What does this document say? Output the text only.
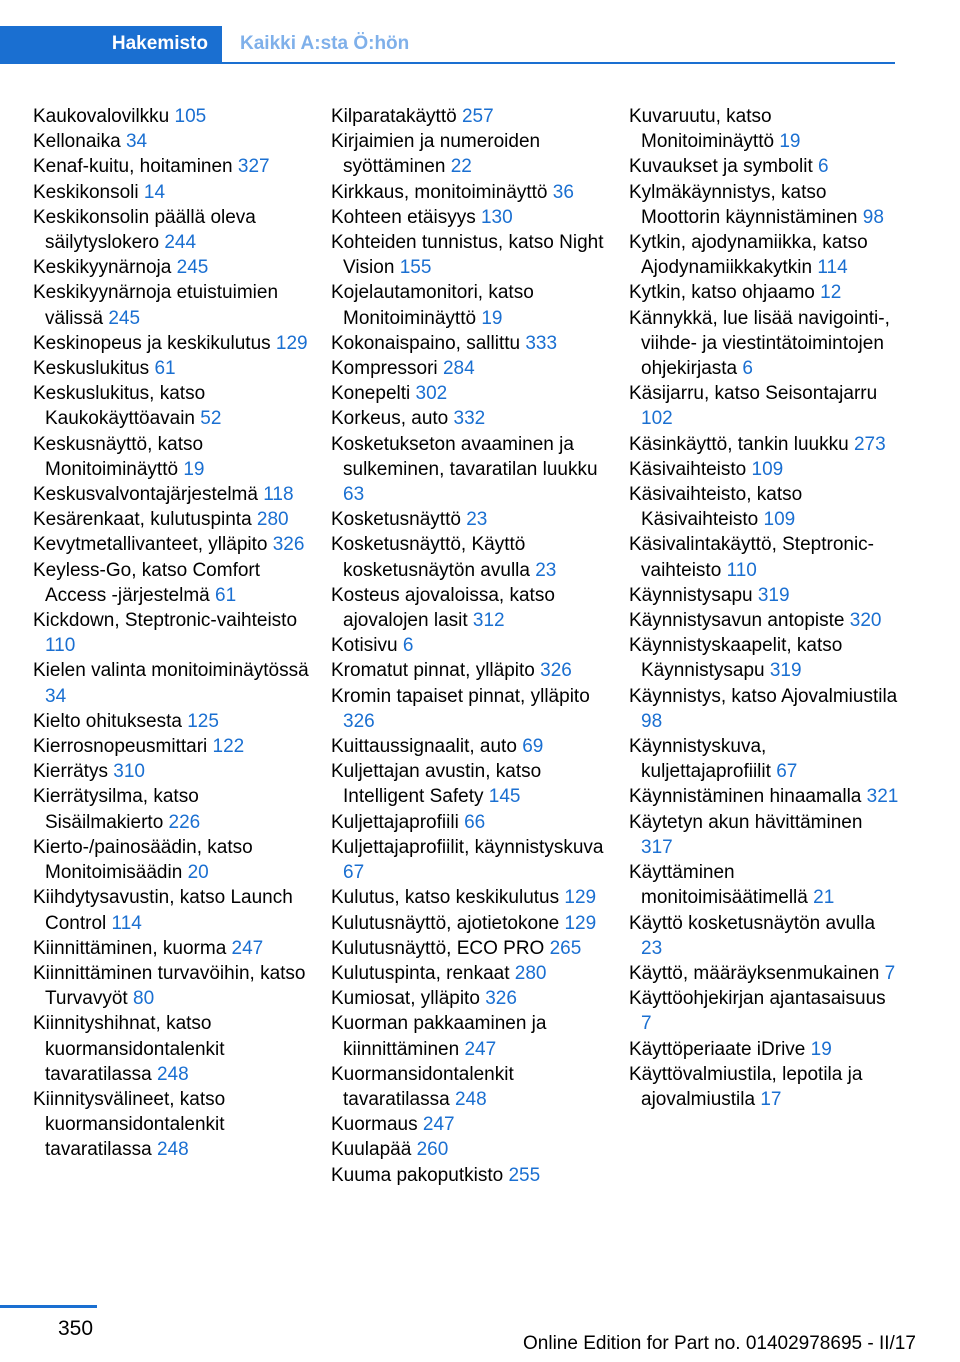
Hakemisto	Kaikki A:sta Ö:hön
Kaukovalovilkku 105
Kellonaika 34
Kenaf-kuitu, hoitaminen 327
Keskikonsoli 14
Keskikonsolin päällä oleva säilytyslokero 244
Keskikyynärnoja 245
Keskikyynärnoja etuistuimien välissä 245
Keskinopeus ja keskikulutus 129
Keskuslukitus 61
Keskuslukitus, katso Kaukokäyttöavain 52
Keskusnäyttö, katso Monitoiminäyttö 19
Keskusvalvontajärjestelmä 118
Kesärenkaat, kulutuspinta 280
Kevytmetallivanteet, ylläpito 326
Keyless-Go, katso Comfort Access -järjestelmä 61
Kickdown, Steptronic-vaihteisto 110
Kielen valinta monitoiminäytössä 34
Kielto ohituksesta 125
Kierrosnopeusmittari 122
Kierrätys 310
Kierrätysilma, katso Sisäilmakierto 226
Kierto-/painosäädin, katso Monitoimisäädin 20
Kiihdytysavustin, katso Launch Control 114
Kiinnittäminen, kuorma 247
Kiinnittäminen turvavöihin, katso Turvavyöt 80
Kiinnityshihnat, katso kuormansidontalenkit tavaratilassa 248
Kiinnitysvälineet, katso kuormansidontalenkit tavaratilassa 248
Kilparatakäyttö 257
Kirjaimien ja numeroiden syöttäminen 22
Kirkkaus, monitoiminäyttö 36
Kohteen etäisyys 130
Kohteiden tunnistus, katso Night Vision 155
Kojelautamonitori, katso Monitoiminäyttö 19
Kokonaispaino, sallittu 333
Kompressori 284
Konepelti 302
Korkeus, auto 332
Kosketukseton avaaminen ja sulkeminen, tavaratilan luukku 63
Kosketusnäyttö 23
Kosketusnäyttö, Käyttö kosketusnäytön avulla 23
Kosteus ajovaloissa, katso ajovalojen lasit 312
Kotisivu 6
Kromatut pinnat, ylläpito 326
Kromin tapaiset pinnat, ylläpito 326
Kuittaussignaalit, auto 69
Kuljettajan avustin, katso Intelligent Safety 145
Kuljettajaprofiili 66
Kuljettajaprofiilit, käynnistyskuva 67
Kulutus, katso keskikulutus 129
Kulutusnäyttö, ajotietokone 129
Kulutusnäyttö, ECO PRO 265
Kulutuspinta, renkaat 280
Kumiosat, ylläpito 326
Kuorman pakkaaminen ja kiinnittäminen 247
Kuormansidontalenkit tavaratilassa 248
Kuormaus 247
Kuulapää 260
Kuuma pakoputkisto 255
Kuvaruutu, katso Monitoiminäyttö 19
Kuvaukset ja symbolit 6
Kylmäkäynnistys, katso Moottorin käynnistäminen 98
Kytkin, ajodynamiikka, katso Ajodynamiikkakytkin 114
Kytkin, katso ohjaamo 12
Kännykkä, lue lisää navigointi-, viihde- ja viestintätoimintojen ohjekirjasta 6
Käsijarru, katso Seisontajarru 102
Käsinkäyttö, tankin luukku 273
Käsivaihteisto 109
Käsivaihteisto, katso Käsivaihteisto 109
Käsivalintakäyttö, Steptronic-vaihteisto 110
Käynnistysapu 319
Käynnistysavun antopiste 320
Käynnistyskaapelit, katso Käynnistysapu 319
Käynnistys, katso Ajovalmiustila 98
Käynnistyskuva, kuljettajaprofiilit 67
Käynnistäminen hinaamalla 321
Käytetyn akun hävittäminen 317
Käyttäminen monitoimisäätimellä 21
Käyttö kosketusnäytön avulla 23
Käyttö, määräyksenmukainen 7
Käyttöohjekirjan ajantasaisuus 7
Käyttöperiaate iDrive 19
Käyttövalmiustila, lepotila ja ajovalmiustila 17
350
Online Edition for Part no. 01402978695 - II/17
